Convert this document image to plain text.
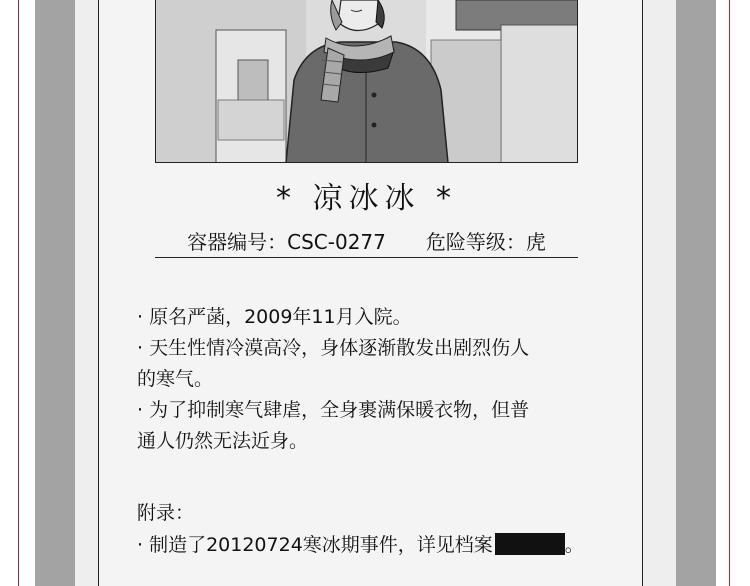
* 凉冰冰 *
容器编号：CSC-0277 危险等级：虎
· 原名严菡，2009年11月入院。
· 天生性情冷漠高冷，身体逐渐散发出剧烈伤人
的寒气。
· 为了抑制寒气肆虐，全身裹满保暖衣物，但普
通人仍然无法近身。
附录：
· 制造了20120724寒冰期事件，详见档案	。
